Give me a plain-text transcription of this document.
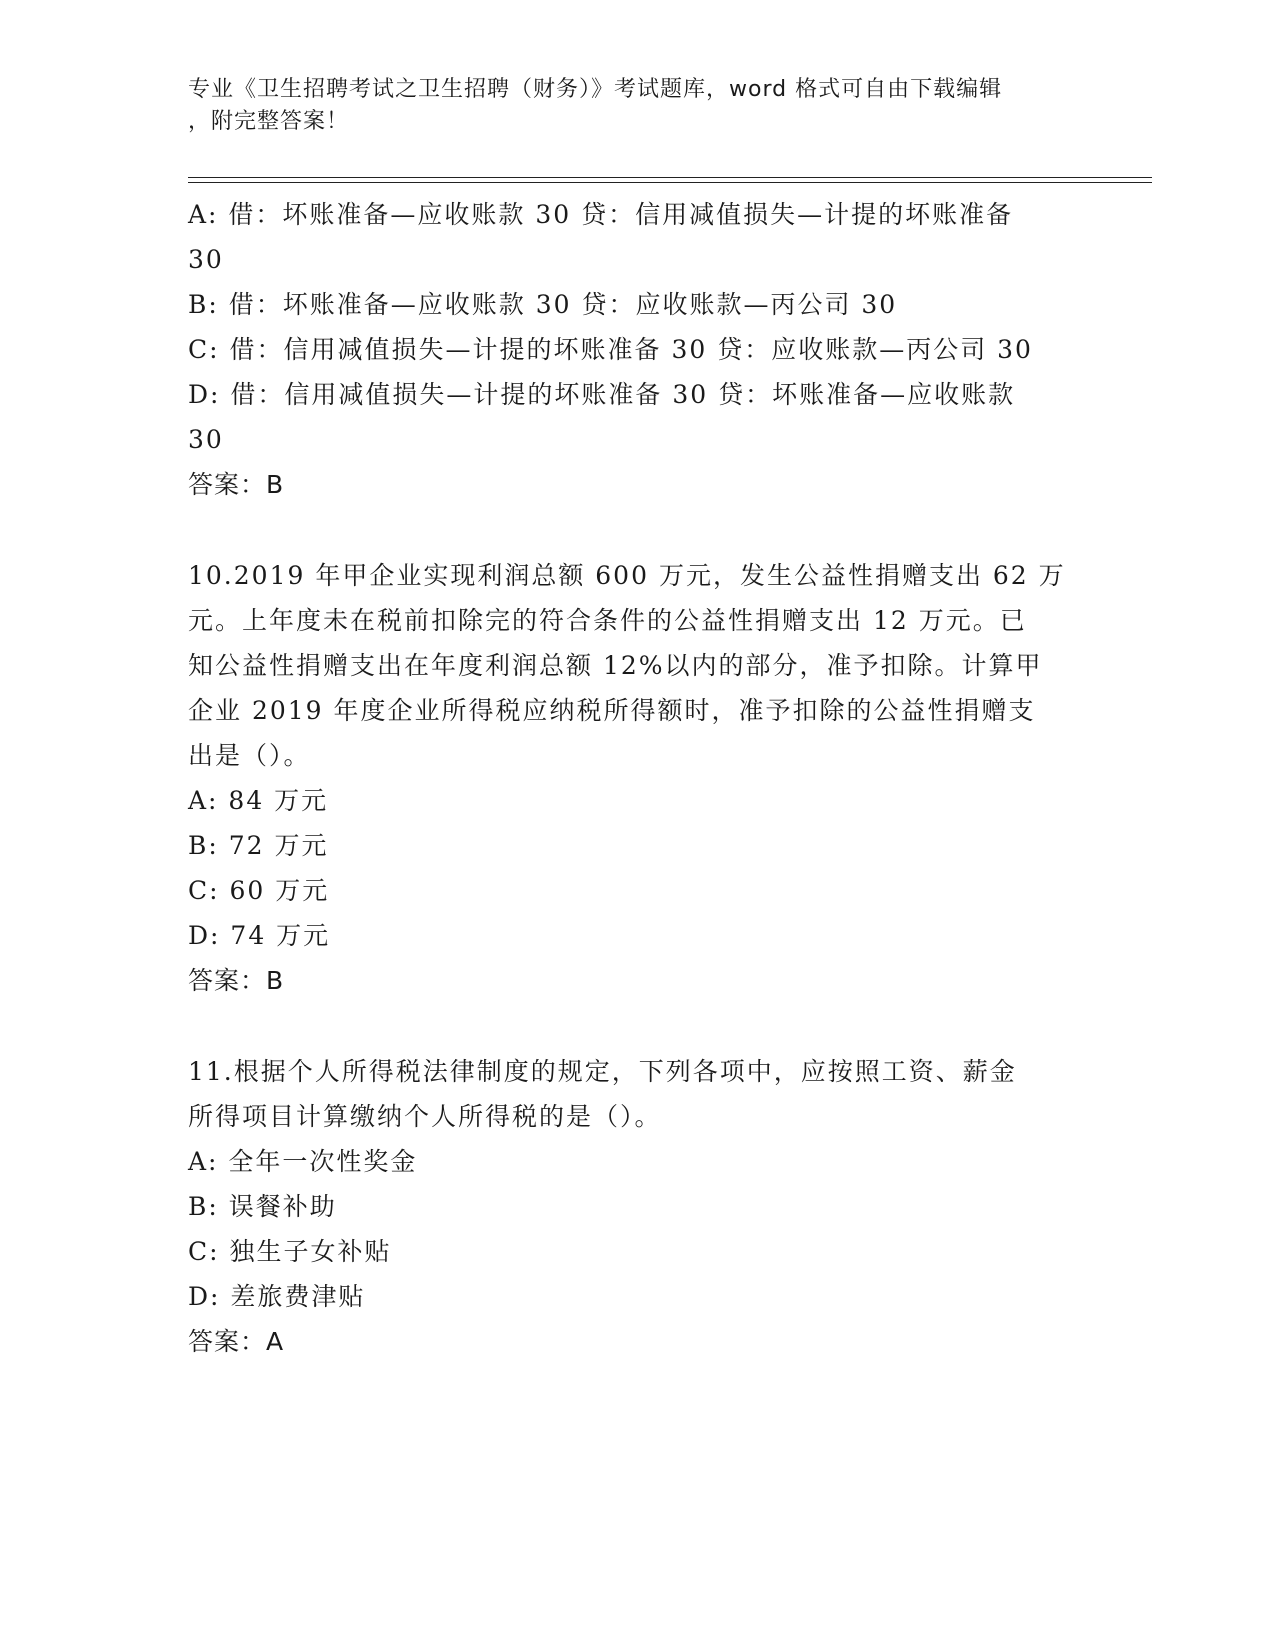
专业《卫生招聘考试之卫生招聘（财务）》考试题库，word 格式可自由下载编辑
，附完整答案！
A: 借：坏账准备—应收账款 30 贷：信用减值损失—计提的坏账准备
30
B: 借：坏账准备—应收账款 30 贷：应收账款—丙公司 30
C: 借：信用减值损失—计提的坏账准备 30 贷：应收账款—丙公司 30
D: 借：信用减值损失—计提的坏账准备 30 贷：坏账准备—应收账款
30
答案：B
10.2019 年甲企业实现利润总额 600 万元，发生公益性捐赠支出 62 万
元。上年度未在税前扣除完的符合条件的公益性捐赠支出 12 万元。已
知公益性捐赠支出在年度利润总额 12%以内的部分，准予扣除。计算甲
企业 2019 年度企业所得税应纳税所得额时，准予扣除的公益性捐赠支
出是（）。
A: 84 万元
B: 72 万元
C: 60 万元
D: 74 万元
答案：B
11.根据个人所得税法律制度的规定，下列各项中，应按照工资、薪金
所得项目计算缴纳个人所得税的是（）。
A: 全年一次性奖金
B: 误餐补助
C: 独生子女补贴
D: 差旅费津贴
答案：A
